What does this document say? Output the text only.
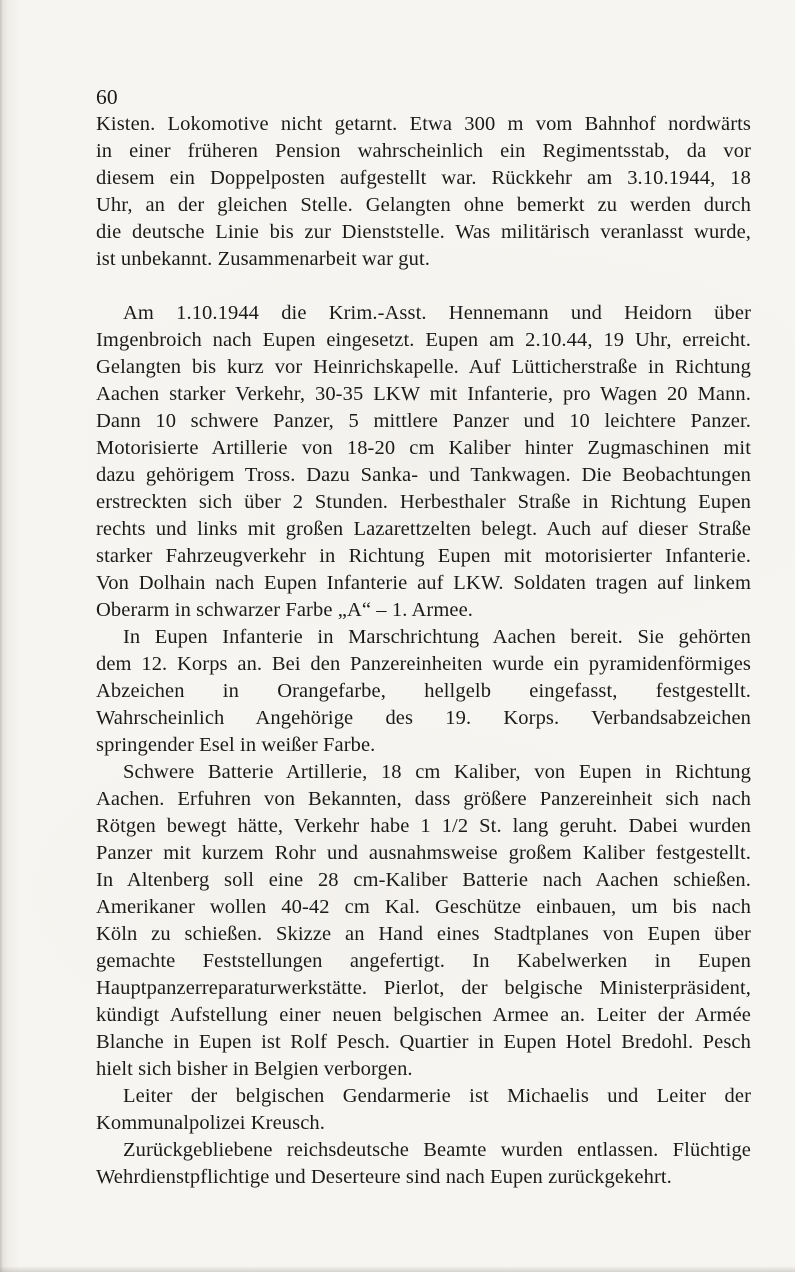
60
Kisten. Lokomotive nicht getarnt. Etwa 300 m vom Bahnhof nordwärts
in einer früheren Pension wahrscheinlich ein Regimentsstab, da vor
diesem ein Doppelposten aufgestellt war. Rückkehr am 3.10.1944, 18
Uhr, an der gleichen Stelle. Gelangten ohne bemerkt zu werden durch
die deutsche Linie bis zur Dienststelle. Was militärisch veranlasst wurde,
ist unbekannt. Zusammenarbeit war gut.
Am 1.10.1944 die Krim.-Asst. Hennemann und Heidorn über
Imgenbroich nach Eupen eingesetzt. Eupen am 2.10.44, 19 Uhr, erreicht.
Gelangten bis kurz vor Heinrichskapelle. Auf Lütticherstraße in Richtung
Aachen starker Verkehr, 30-35 LKW mit Infanterie, pro Wagen 20 Mann.
Dann 10 schwere Panzer, 5 mittlere Panzer und 10 leichtere Panzer.
Motorisierte Artillerie von 18-20 cm Kaliber hinter Zugmaschinen mit
dazu gehörigem Tross. Dazu Sanka- und Tankwagen. Die Beobachtungen
erstreckten sich über 2 Stunden. Herbesthaler Straße in Richtung Eupen
rechts und links mit großen Lazarettzelten belegt. Auch auf dieser Straße
starker Fahrzeugverkehr in Richtung Eupen mit motorisierter Infanterie.
Von Dolhain nach Eupen Infanterie auf LKW. Soldaten tragen auf linkem
Oberarm in schwarzer Farbe „A“ – 1. Armee.
In Eupen Infanterie in Marschrichtung Aachen bereit. Sie gehörten
dem 12. Korps an. Bei den Panzereinheiten wurde ein pyramidenförmiges
Abzeichen in Orangefarbe, hellgelb eingefasst, festgestellt.
Wahrscheinlich Angehörige des 19. Korps. Verbandsabzeichen
springender Esel in weißer Farbe.
Schwere Batterie Artillerie, 18 cm Kaliber, von Eupen in Richtung
Aachen. Erfuhren von Bekannten, dass größere Panzereinheit sich nach
Rötgen bewegt hätte, Verkehr habe 1 1/2 St. lang geruht. Dabei wurden
Panzer mit kurzem Rohr und ausnahmsweise großem Kaliber festgestellt.
In Altenberg soll eine 28 cm-Kaliber Batterie nach Aachen schießen.
Amerikaner wollen 40-42 cm Kal. Geschütze einbauen, um bis nach
Köln zu schießen. Skizze an Hand eines Stadtplanes von Eupen über
gemachte Feststellungen angefertigt. In Kabelwerken in Eupen
Hauptpanzerreparaturwerkstätte. Pierlot, der belgische Ministerpräsident,
kündigt Aufstellung einer neuen belgischen Armee an. Leiter der Armée
Blanche in Eupen ist Rolf Pesch. Quartier in Eupen Hotel Bredohl. Pesch
hielt sich bisher in Belgien verborgen.
Leiter der belgischen Gendarmerie ist Michaelis und Leiter der
Kommunalpolizei Kreusch.
Zurückgebliebene reichsdeutsche Beamte wurden entlassen. Flüchtige
Wehrdienstpflichtige und Deserteure sind nach Eupen zurückgekehrt.
